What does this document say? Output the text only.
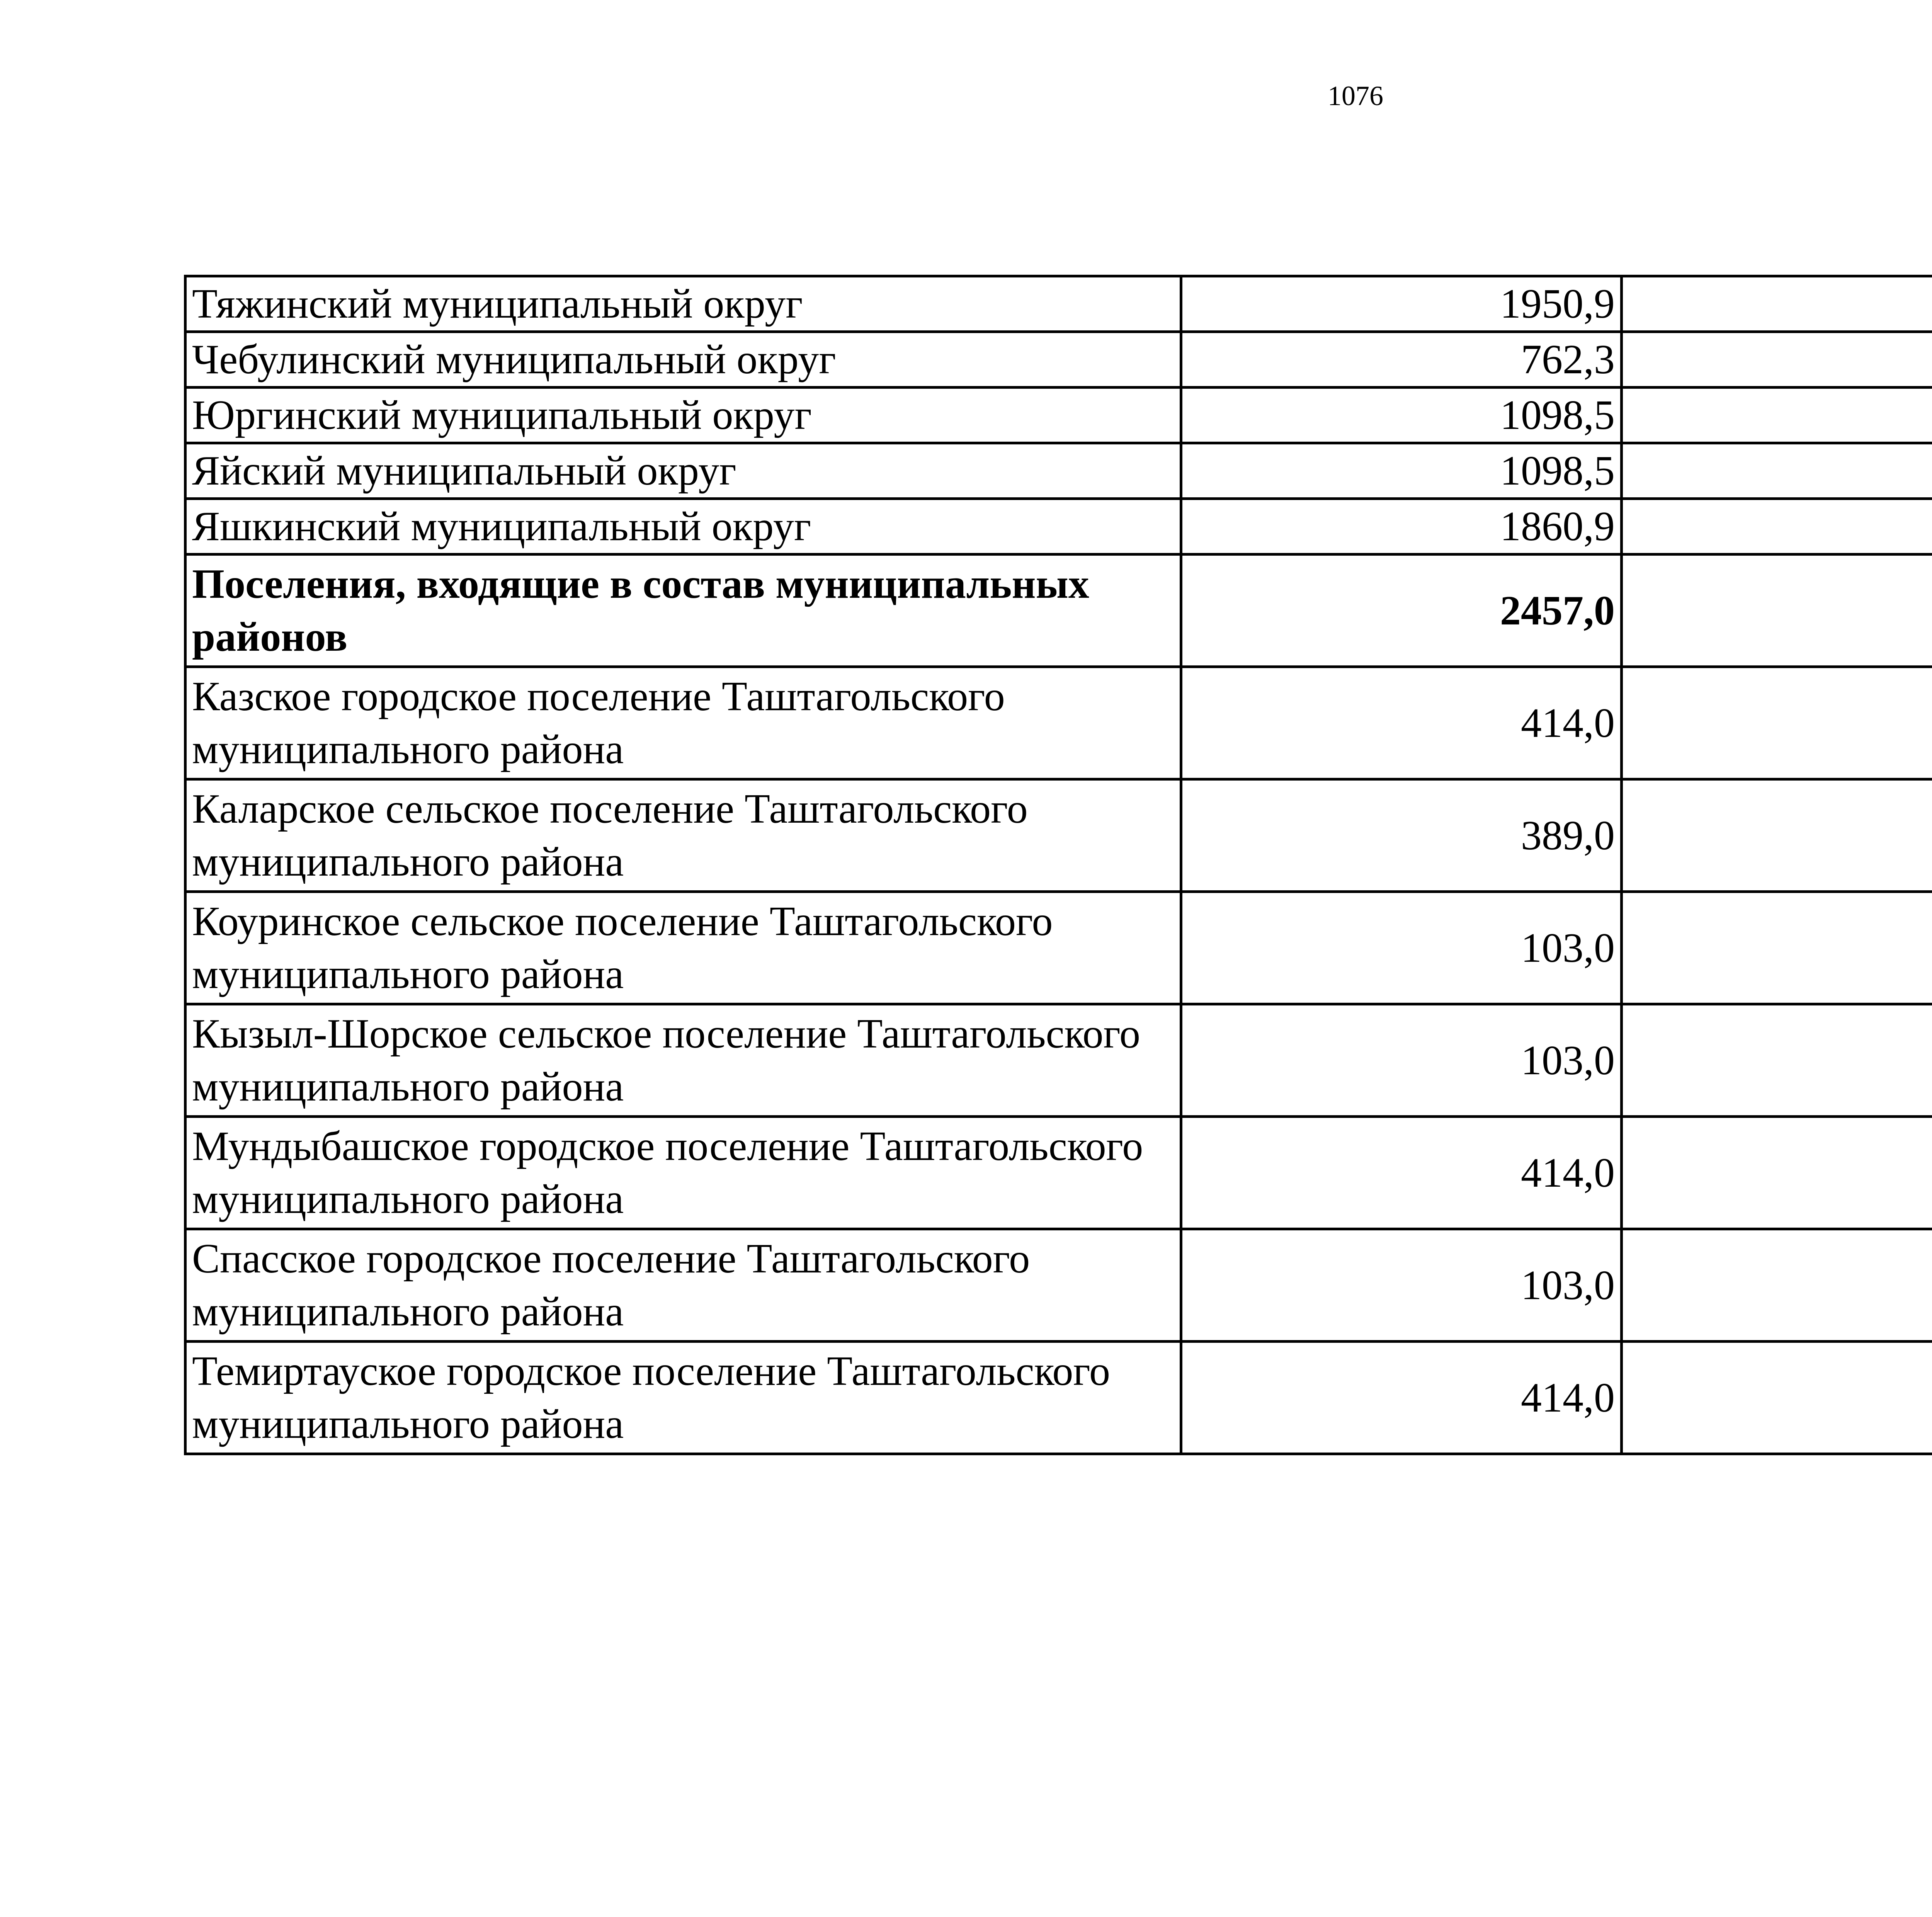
1076
Тяжинский муниципальный округ	1950,9		
Чебулинский муниципальный округ	762,3		
Юргинский муниципальный округ	1098,5		
Яйский муниципальный округ	1098,5		
Яшкинский муниципальный округ	1860,9		
Поселения, входящие в состав муниципальных районов	2457,0		
Казское городское поселение Таштагольского муниципального района	414,0		
Каларское сельское поселение Таштагольского муниципального района	389,0		
Коуринское сельское поселение Таштагольского муниципального района	103,0		
Кызыл-Шорское сельское поселение Таштагольского муниципального района	103,0		
Мундыбашское городское поселение Таштагольского муниципального района	414,0		
Спасское городское поселение Таштагольского муниципального района	103,0		
Темиртауское городское поселение Таштагольского муниципального района	414,0		
